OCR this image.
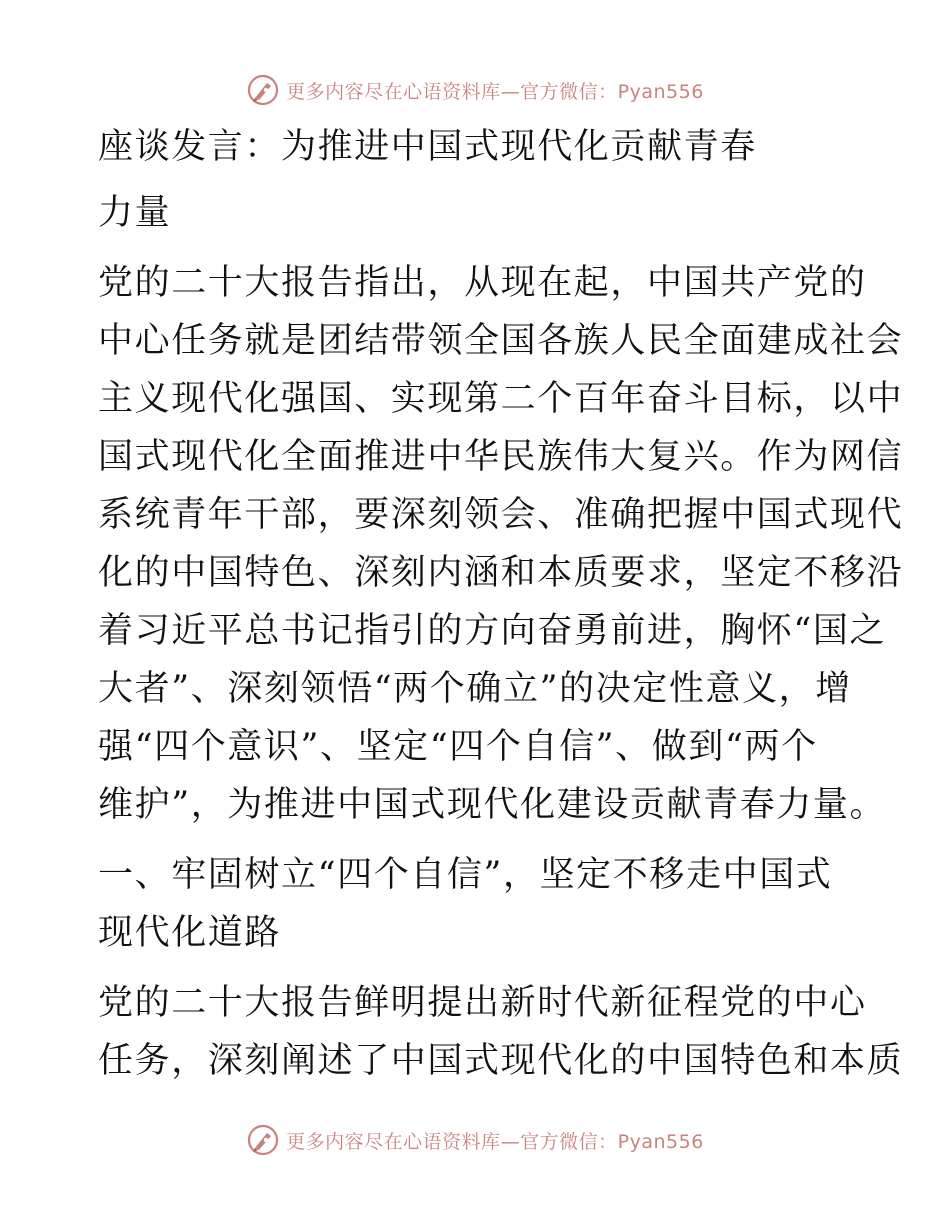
更多内容尽在心语资料库—官方微信：Pyan556
座谈发言：为推进中国式现代化贡献青春
力量
党的二十大报告指出，从现在起，中国共产党的
中心任务就是团结带领全国各族人民全面建成社会
主义现代化强国、实现第二个百年奋斗目标，以中
国式现代化全面推进中华民族伟大复兴。作为网信
系统青年干部，要深刻领会、准确把握中国式现代
化的中国特色、深刻内涵和本质要求，坚定不移沿
着习近平总书记指引的方向奋勇前进，胸怀“国之
大者”、深刻领悟“两个确立”的决定性意义，增
强“四个意识”、坚定“四个自信”、做到“两个
维护”，为推进中国式现代化建设贡献青春力量。
一、牢固树立“四个自信”，坚定不移走中国式
现代化道路
党的二十大报告鲜明提出新时代新征程党的中心
任务，深刻阐述了中国式现代化的中国特色和本质
更多内容尽在心语资料库—官方微信：Pyan556
